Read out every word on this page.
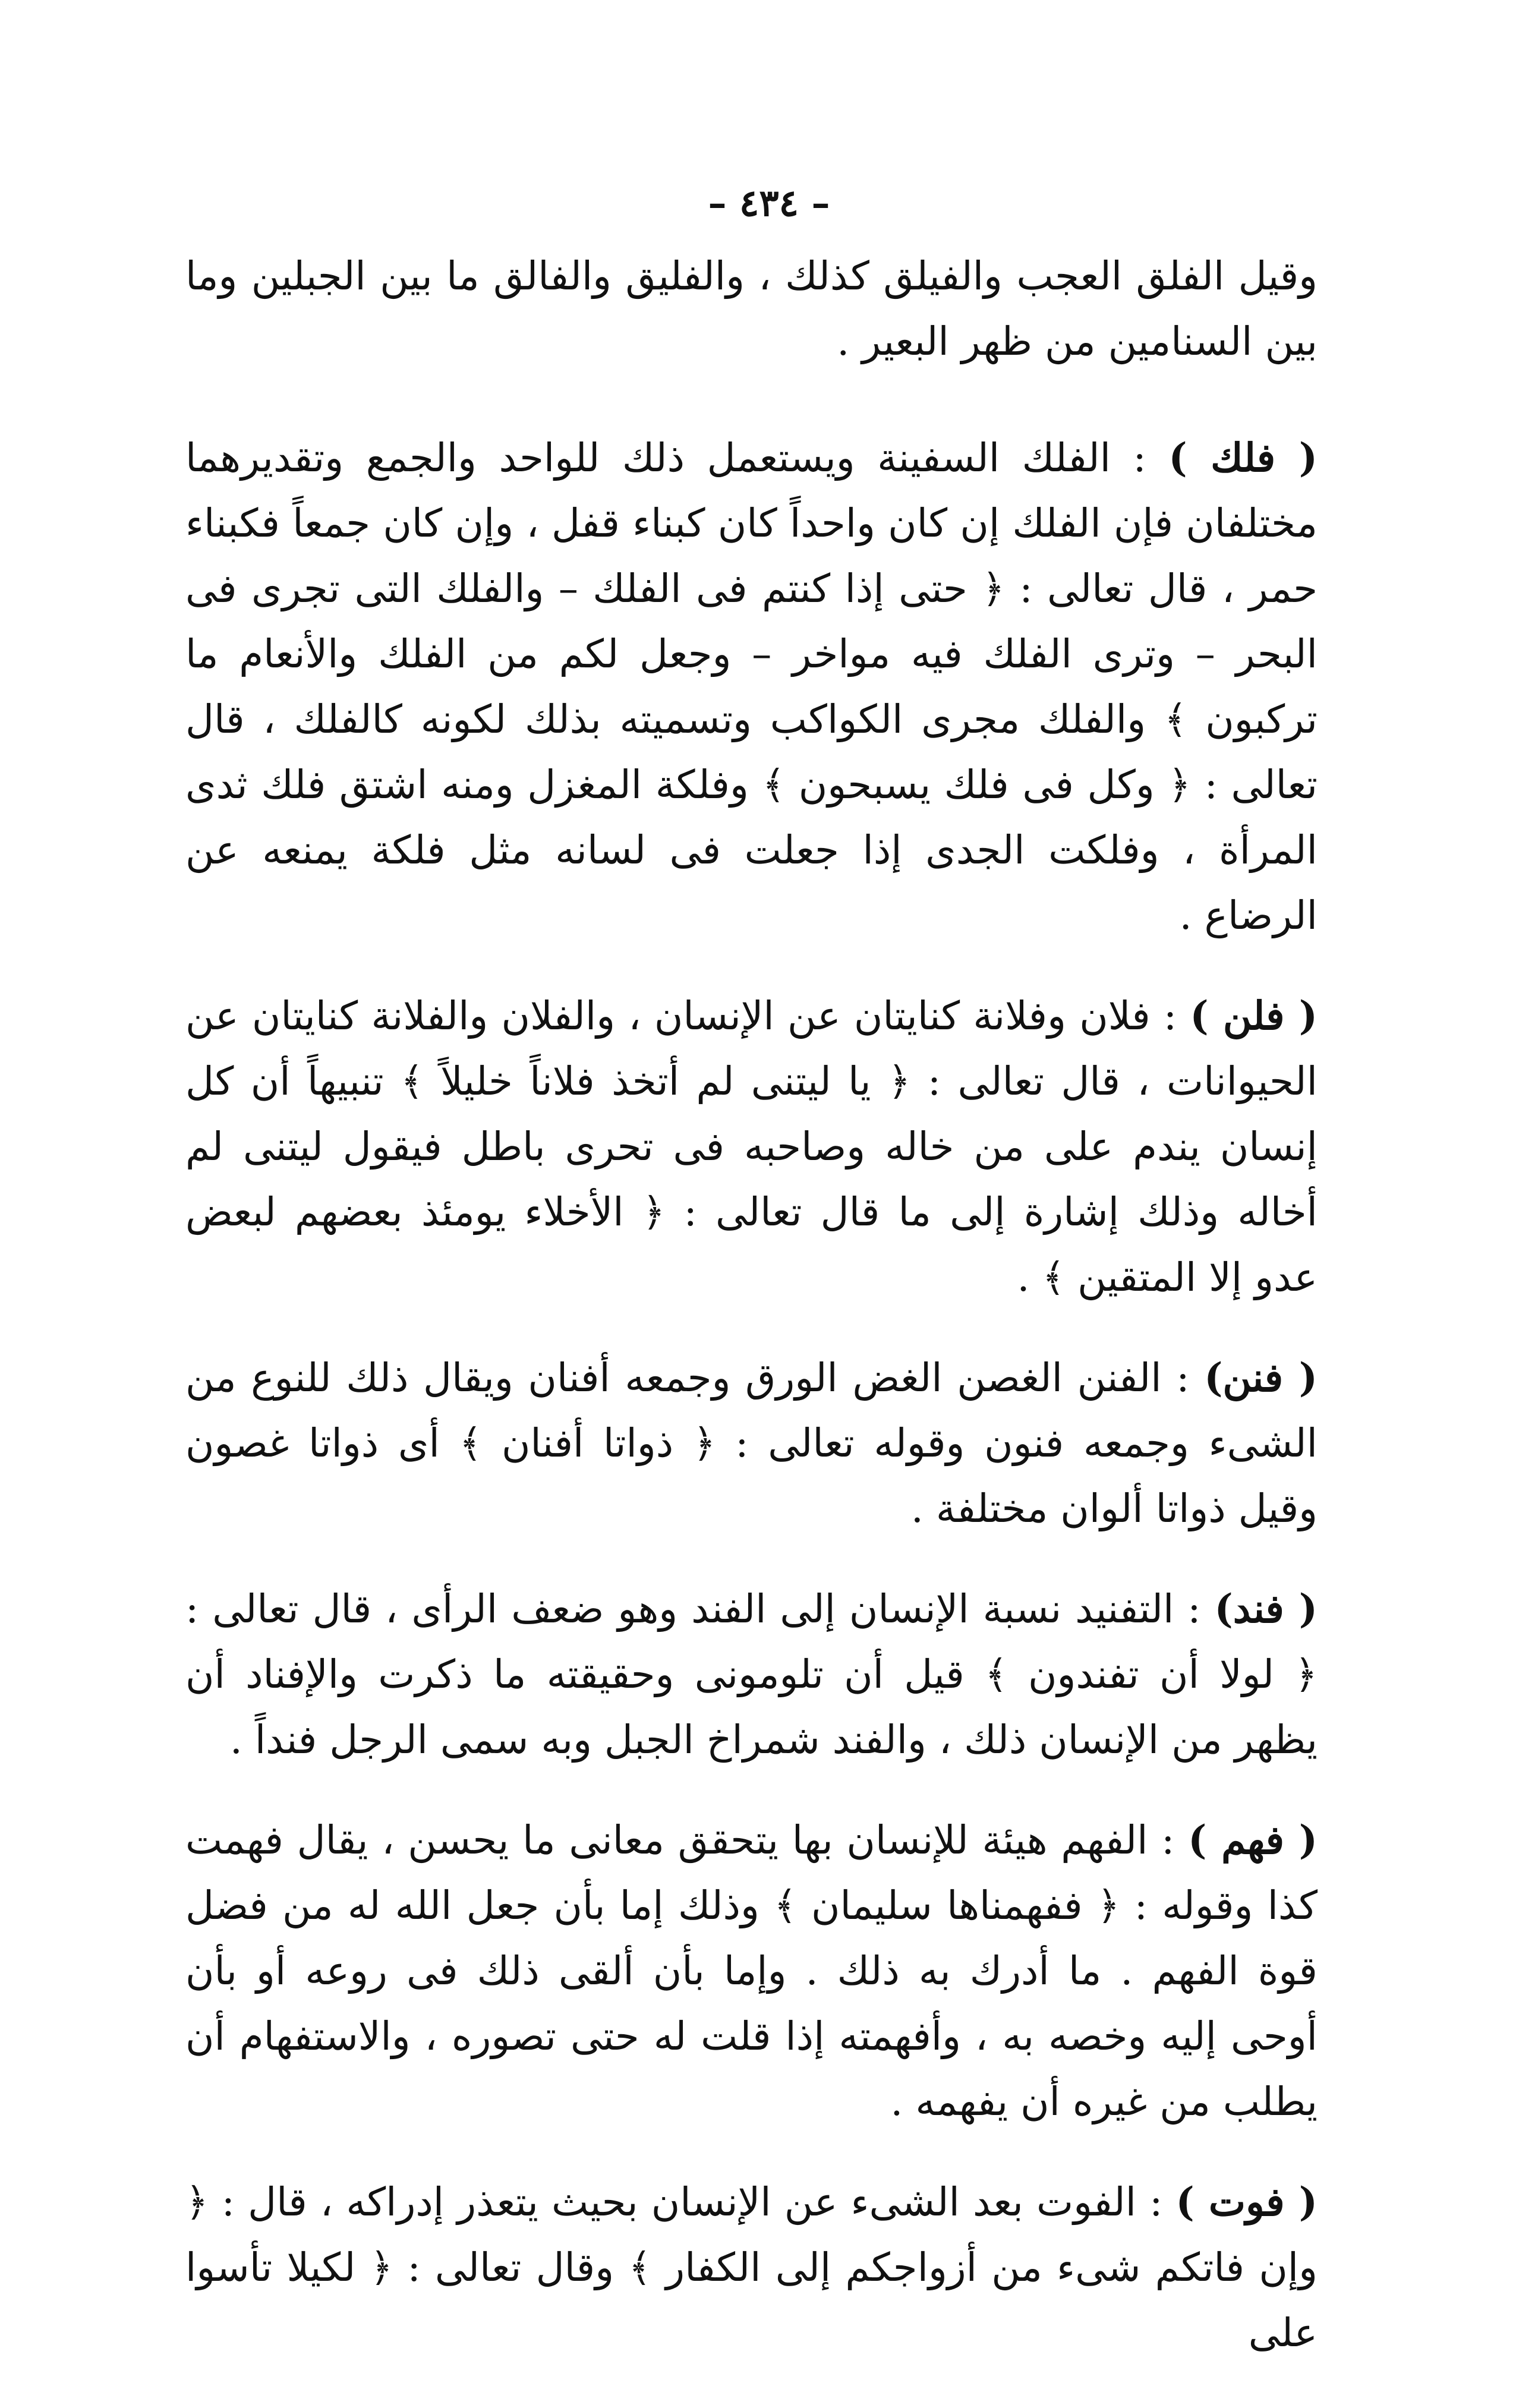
– ٤٣٤ –

وقيل الفلق العجب والفيلق كذلك ، والفليق والفالق ما بين الجبلين وما بين السنامين من ظهر البعير .

( فلك ) : الفلك السفينة ويستعمل ذلك للواحد والجمع وتقديرهما مختلفان فإن الفلك إن كان واحداً كان كبناء قفل ، وإن كان جمعاً فكبناء حمر ، قال تعالى : ﴿ حتى إذا كنتم فى الفلك – والفلك التى تجرى فى البحر – وترى الفلك فيه مواخر – وجعل لكم من الفلك والأنعام ما تركبون ﴾ والفلك مجرى الكواكب وتسميته بذلك لكونه كالفلك ، قال تعالى : ﴿ وكل فى فلك يسبحون ﴾ وفلكة المغزل ومنه اشتق فلك ثدى المرأة ، وفلكت الجدى إذا جعلت فى لسانه مثل فلكة يمنعه عن الرضاع .

( فلن ) : فلان وفلانة كنايتان عن الإنسان ، والفلان والفلانة كنايتان عن الحيوانات ، قال تعالى : ﴿ يا ليتنى لم أتخذ فلاناً خليلاً ﴾ تنبيهاً أن كل إنسان يندم على من خاله وصاحبه فى تحرى باطل فيقول ليتنى لم أخاله وذلك إشارة إلى ما قال تعالى : ﴿ الأخلاء يومئذ بعضهم لبعض عدو إلا المتقين ﴾ .

( فنن) : الفنن الغصن الغض الورق وجمعه أفنان ويقال ذلك للنوع من الشىء وجمعه فنون وقوله تعالى : ﴿ ذواتا أفنان ﴾ أى ذواتا غصون وقيل ذواتا ألوان مختلفة .

( فند) : التفنيد نسبة الإنسان إلى الفند وهو ضعف الرأى ، قال تعالى : ﴿ لولا أن تفندون ﴾ قيل أن تلومونى وحقيقته ما ذكرت والإفناد أن يظهر من الإنسان ذلك ، والفند شمراخ الجبل وبه سمى الرجل فنداً .

( فهم ) : الفهم هيئة للإنسان بها يتحقق معانى ما يحسن ، يقال فهمت كذا وقوله : ﴿ ففهمناها سليمان ﴾ وذلك إما بأن جعل الله له من فضل قوة الفهم . ما أدرك به ذلك . وإما بأن ألقى ذلك فى روعه أو بأن أوحى إليه وخصه به ، وأفهمته إذا قلت له حتى تصوره ، والاستفهام أن يطلب من غيره أن يفهمه .

( فوت ) : الفوت بعد الشىء عن الإنسان بحيث يتعذر إدراكه ، قال : ﴿ وإن فاتكم شىء من أزواجكم إلى الكفار ﴾ وقال تعالى : ﴿ لكيلا تأسوا على
